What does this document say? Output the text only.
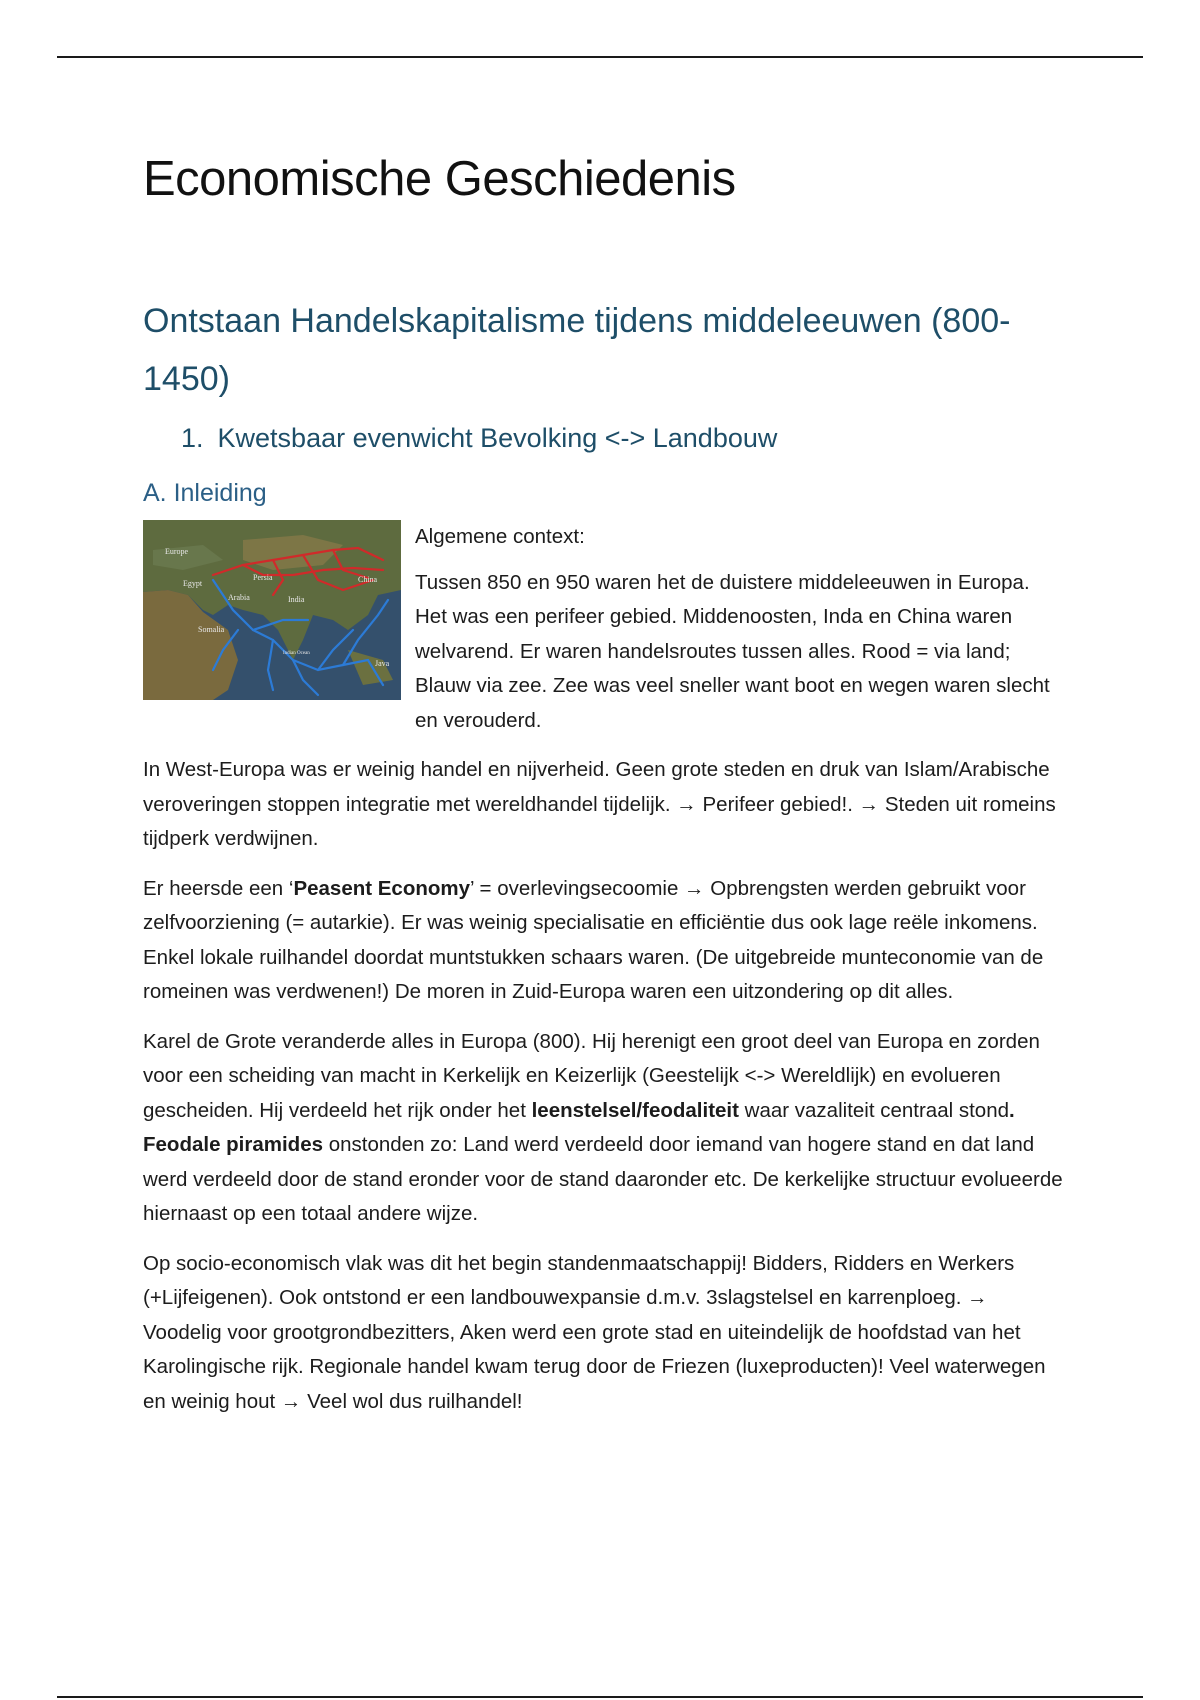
Economische Geschiedenis
Ontstaan Handelskapitalisme tijdens middeleeuwen (800-1450)
1. Kwetsbaar evenwicht Bevolking <-> Landbouw
A. Inleiding
Europe
Egypt
Persia
Arabia	India
China
Somalia
Indian Ocean
Java

Algemene context:

Tussen 850 en 950 waren het de duistere middeleeuwen in Europa. Het was een perifeer gebied. Middenoosten, Inda en China waren welvarend. Er waren handelsroutes tussen alles. Rood = via land; Blauw via zee. Zee was veel sneller want boot en wegen waren slecht en verouderd.

In West-Europa was er weinig handel en nijverheid. Geen grote steden en druk van Islam/Arabische veroveringen stoppen integratie met wereldhandel tijdelijk. → Perifeer gebied!. → Steden uit romeins tijdperk verdwijnen.

Er heersde een ‘Peasent Economy’ = overlevingsecoomie → Opbrengsten werden gebruikt voor zelfvoorziening (= autarkie). Er was weinig specialisatie en efficiëntie dus ook lage reële inkomens. Enkel lokale ruilhandel doordat muntstukken schaars waren. (De uitgebreide munteconomie van de romeinen was verdwenen!) De moren in Zuid-Europa waren een uitzondering op dit alles.

Karel de Grote veranderde alles in Europa (800). Hij herenigt een groot deel van Europa en zorden voor een scheiding van macht in Kerkelijk en Keizerlijk (Geestelijk <-> Wereldlijk) en evolueren gescheiden. Hij verdeeld het rijk onder het leenstelsel/feodaliteit waar vazaliteit centraal stond. Feodale piramides onstonden zo: Land werd verdeeld door iemand van hogere stand en dat land werd verdeeld door de stand eronder voor de stand daaronder etc. De kerkelijke structuur evolueerde hiernaast op een totaal andere wijze.

Op socio-economisch vlak was dit het begin standenmaatschappij! Bidders, Ridders en Werkers (+Lijfeigenen). Ook ontstond er een landbouwexpansie d.m.v. 3slagstelsel en karrenploeg. → Voodelig voor grootgrondbezitters, Aken werd een grote stad en uiteindelijk de hoofdstad van het Karolingische rijk. Regionale handel kwam terug door de Friezen (luxeproducten)! Veel waterwegen en weinig hout → Veel wol dus ruilhandel!
